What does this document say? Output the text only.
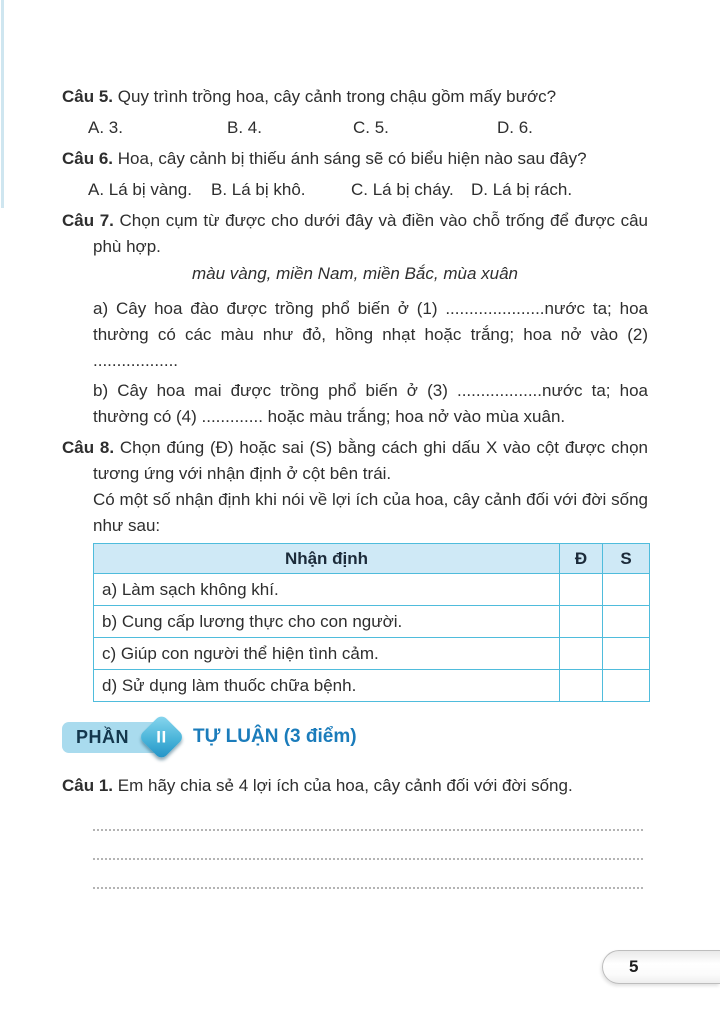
Câu 5. Quy trình trồng hoa, cây cảnh trong chậu gồm mấy bước?
A. 3.	B. 4.	C. 5.	D. 6.
Câu 6. Hoa, cây cảnh bị thiếu ánh sáng sẽ có biểu hiện nào sau đây?
A. Lá bị vàng. B. Lá bị khô.	C. Lá bị cháy. D. Lá bị rách.
Câu 7. Chọn cụm từ được cho dưới đây và điền vào chỗ trống để được câu phù hợp.
màu vàng, miền Nam, miền Bắc, mùa xuân
a) Cây hoa đào được trồng phổ biến ở (1) .....................nước ta; hoa thường có các màu như đỏ, hồng nhạt hoặc trắng; hoa nở vào (2) ..................
b) Cây hoa mai được trồng phổ biến ở (3) ..................nước ta; hoa thường có (4) ............. hoặc màu trắng; hoa nở vào mùa xuân.
Câu 8. Chọn đúng (Đ) hoặc sai (S) bằng cách ghi dấu X vào cột được chọn tương ứng với nhận định ở cột bên trái.
Có một số nhận định khi nói về lợi ích của hoa, cây cảnh đối với đời sống như sau:
Nhận định	Đ	S
a) Làm sạch không khí.		
b) Cung cấp lương thực cho con người.		
c) Giúp con người thể hiện tình cảm.		
d) Sử dụng làm thuốc chữa bệnh.		
PHẦN	II	TỰ LUẬN (3 điểm)
Câu 1. Em hãy chia sẻ 4 lợi ích của hoa, cây cảnh đối với đời sống.
5
